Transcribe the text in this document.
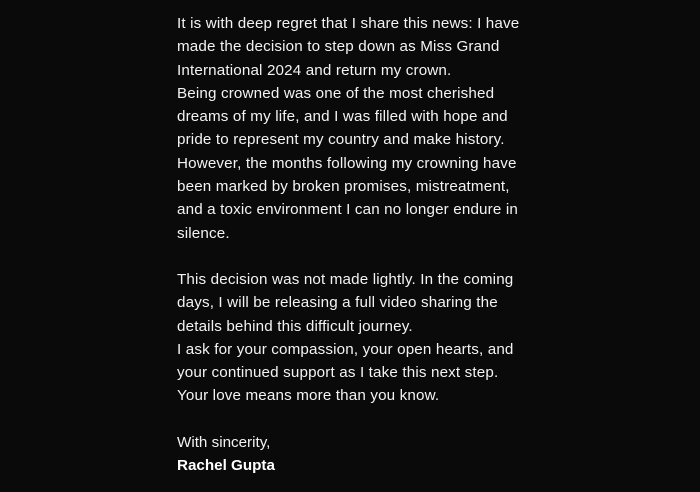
It is with deep regret that I share this news: I have made the decision to step down as Miss Grand International 2024 and return my crown.

Being crowned was one of the most cherished dreams of my life, and I was filled with hope and pride to represent my country and make history.

However, the months following my crowning have been marked by broken promises, mistreatment, and a toxic environment I can no longer endure in silence.

This decision was not made lightly. In the coming days, I will be releasing a full video sharing the details behind this difficult journey.

I ask for your compassion, your open hearts, and your continued support as I take this next step.

Your love means more than you know.

With sincerity,

Rachel Gupta
